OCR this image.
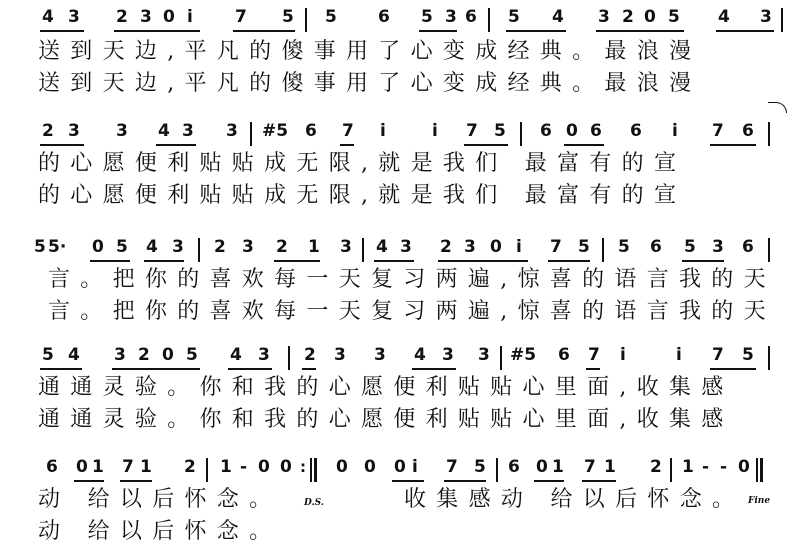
4 3 2 3 0 i 7 5 5 6 5 3 6 5 4 3 2 0 5 4 3
送到天边,平凡的傻事用了心变成经典。最浪漫
送到天边,平凡的傻事用了心变成经典。最浪漫
2 3 3 4 3 3 #5 6 7 i	i 7 5 6 0 6 6 i 7 6
的心愿便利贴贴成无限,就是我们 最富有的宣
的心愿便利贴贴成无限,就是我们 最富有的宣
5 5· 0 5 4 3 2 3 2 1 3 4 3 2 3 0 i 7 5 5 6 5 3 6
言。把你的喜欢每一天复习两遍,惊喜的语言我的天
言。把你的喜欢每一天复习两遍,惊喜的语言我的天
5 4 3 2 0 5 4 3 2 3 3 4 3 3 #5 6 7 i	i 7 5
通通灵验。你和我的心愿便利贴贴心里面,收集感
通通灵验。你和我的心愿便利贴贴心里面,收集感
6 0 1 7 1 2 1 - 0 0 : 0 0 0 i 7 5 6 0 1 7 1 2 1 - - 0
动 给以后怀念。	D.S.	收集感动 给以后怀念。 Fine
动 给以后怀念。
